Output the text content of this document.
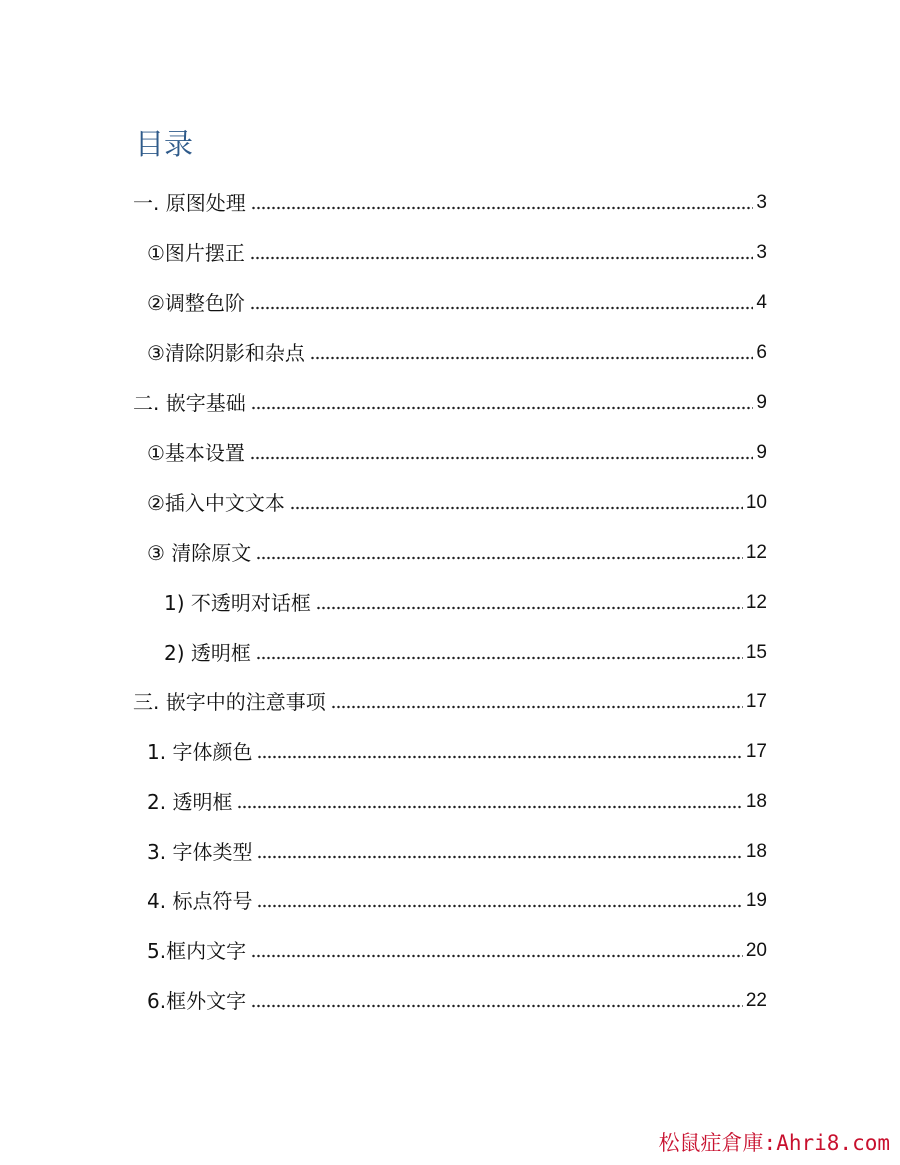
目录
一. 原图处理	3
①图片摆正	3
②调整色阶	4
③清除阴影和杂点	6
二. 嵌字基础	9
①基本设置	9
②插入中文文本	10
③ 清除原文	12
1) 不透明对话框	12
2) 透明框	15
三. 嵌字中的注意事项	17
1. 字体颜色	17
2. 透明框	18
3. 字体类型	18
4. 标点符号	19
5.框内文字	20
6.框外文字	22
松鼠症倉庫:Ahri8.com
